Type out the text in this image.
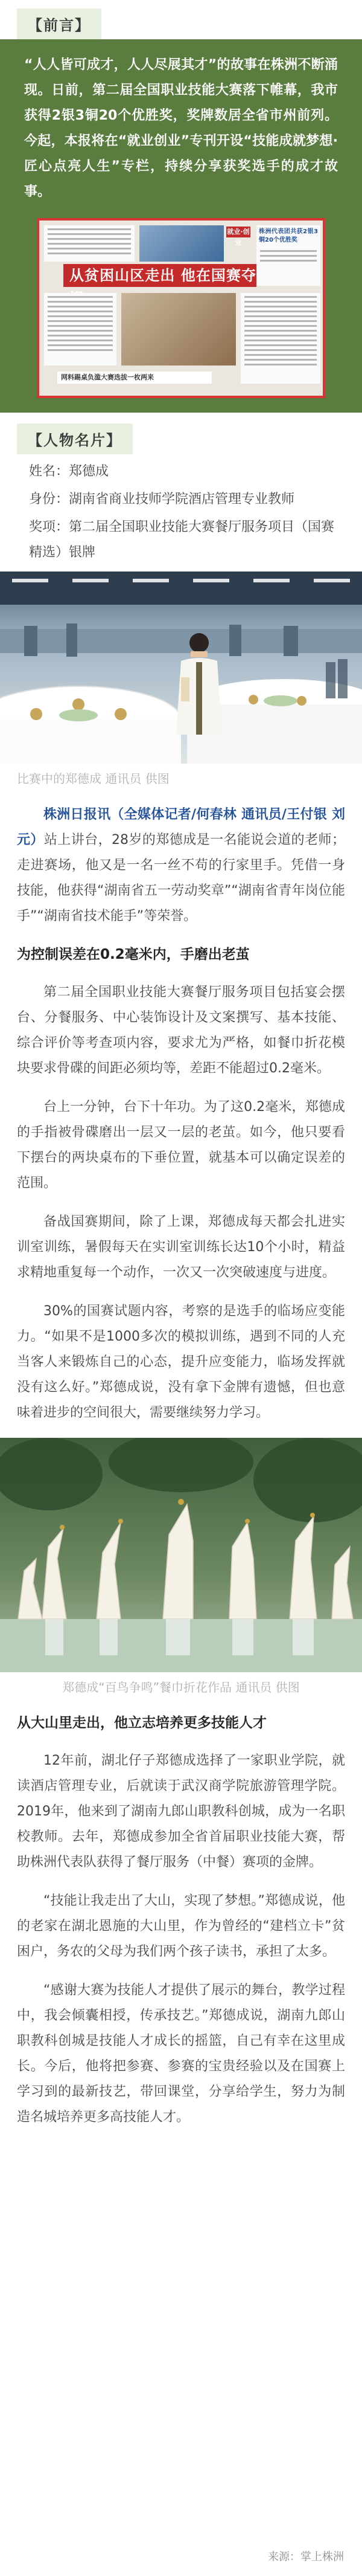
【前言】
“人人皆可成才，人人尽展其才”的故事在株洲不断涌现。日前，第二届全国职业技能大赛落下帷幕，我市获得2银3铜20个优胜奖，奖牌数居全省市州前列。今起，本报将在“就业创业”专刊开设“技能成就梦想·匠心点亮人生”专栏，持续分享获奖选手的成才故事。
就业·创业
株洲代表团共获2银3铜20个优胜奖
从贫困山区走出 他在国赛夺
网料踢桌负滥大赛选拔一枚两来
【人物名片】
姓名：郑德成
身份：湖南省商业技师学院酒店管理专业教师
奖项：第二届全国职业技能大赛餐厅服务项目（国赛精选）银牌
比赛中的郑德成 通讯员 供图
株洲日报讯（全媒体记者/何春林 通讯员/王付银 刘元）站上讲台，28岁的郑德成是一名能说会道的老师；走进赛场，他又是一名一丝不苟的行家里手。凭借一身技能，他获得“湖南省五一劳动奖章”“湖南省青年岗位能手”“湖南省技术能手”等荣誉。
为控制误差在0.2毫米内，手磨出老茧
第二届全国职业技能大赛餐厅服务项目包括宴会摆台、分餐服务、中心装饰设计及文案撰写、基本技能、综合评价等考查项内容，要求尤为严格，如餐巾折花模块要求骨碟的间距必须均等，差距不能超过0.2毫米。
台上一分钟，台下十年功。为了这0.2毫米，郑德成的手指被骨碟磨出一层又一层的老茧。如今，他只要看下摆台的两块桌布的下垂位置，就基本可以确定误差的范围。
备战国赛期间，除了上课，郑德成每天都会扎进实训室训练，暑假每天在实训室训练长达10个小时，精益求精地重复每一个动作，一次又一次突破速度与进度。
30%的国赛试题内容，考察的是选手的临场应变能力。“如果不是1000多次的模拟训练，遇到不同的人充当客人来锻炼自己的心态，提升应变能力，临场发挥就没有这么好。”郑德成说，没有拿下金牌有遗憾，但也意味着进步的空间很大，需要继续努力学习。
郑德成“百鸟争鸣”餐巾折花作品 通讯员 供图
从大山里走出，他立志培养更多技能人才
12年前，湖北仔子郑德成选择了一家职业学院，就读酒店管理专业，后就读于武汉商学院旅游管理学院。2019年，他来到了湖南九郎山职教科创城，成为一名职校教师。去年，郑德成参加全省首届职业技能大赛，帮助株洲代表队获得了餐厅服务（中餐）赛项的金牌。
“技能让我走出了大山，实现了梦想。”郑德成说，他的老家在湖北恩施的大山里，作为曾经的“建档立卡”贫困户，务农的父母为我们两个孩子读书，承担了太多。
“感谢大赛为技能人才提供了展示的舞台，教学过程中，我会倾囊相授，传承技艺。”郑德成说，湖南九郎山职教科创城是技能人才成长的摇篮，自己有幸在这里成长。今后，他将把参赛、参赛的宝贵经验以及在国赛上学习到的最新技艺，带回课堂，分享给学生，努力为制造名城培养更多高技能人才。
来源：掌上株洲
